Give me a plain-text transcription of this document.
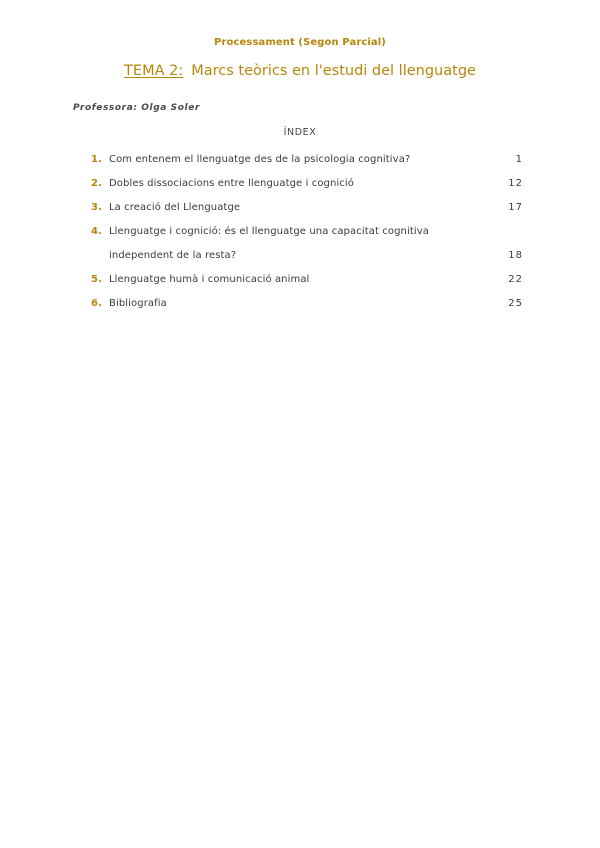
Processament (Segon Parcial)
TEMA 2: Marcs teòrics en l'estudi del llenguatge
Professora: Olga Soler
ÍNDEX
1. Com entenem el llenguatge des de la psicologia cognitiva?	1
2. Dobles dissociacions entre llenguatge i cognició	12
3. La creació del Llenguatge	17
4. Llenguatge i cognició: és el llenguatge una capacitat cognitiva
independent de la resta?	18
5. Llenguatge humà i comunicació animal	22
6. Bibliografia	25
